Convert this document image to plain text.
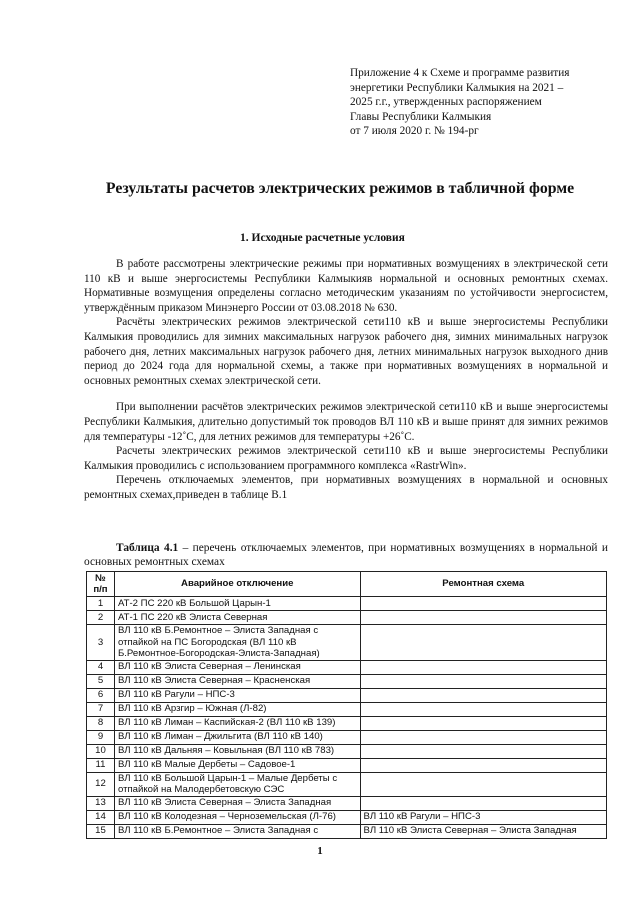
Приложение 4 к Схеме и программе развития
энергетики Республики Калмыкия на 2021 –
2025 г.г., утвержденных распоряжением
Главы Республики Калмыкия
от 7 июля 2020 г. № 194-рг
Результаты расчетов электрических режимов в табличной форме
1. Исходные расчетные условия

В работе рассмотрены электрические режимы при нормативных возмущениях в электрической сети 110 кВ и выше энергосистемы Республики Калмыкияв нормальной и основных ремонтных схемах. Нормативные возмущения определены согласно методическим указаниям по устойчивости энергосистем, утверждённым приказом Минэнерго России от 03.08.2018 № 630.

Расчёты электрических режимов электрической сети110 кВ и выше энергосистемы Республики Калмыкия проводились для зимних максимальных нагрузок рабочего дня, зимних минимальных нагрузок рабочего дня, летних максимальных нагрузок рабочего дня, летних минимальных нагрузок выходного днив период до 2024 года для нормальной схемы, а также при нормативных возмущениях в нормальной и основных ремонтных схемах электрической сети.

При выполнении расчётов электрических режимов электрической сети110 кВ и выше энергосистемы Республики Калмыкия, длительно допустимый ток проводов ВЛ 110 кВ и выше принят для зимних режимов для температуры -12˚С, для летних режимов для температуры +26˚С.

Расчеты электрических режимов электрической сети110 кВ и выше энергосистемы Республики Калмыкия проводились с использованием программного комплекса «RastrWin».

Перечень отключаемых элементов, при нормативных возмущениях в нормальной и основных ремонтных схемах,приведен в таблице В.1

Таблица 4.1 – перечень отключаемых элементов, при нормативных возмущениях в нормальной и основных ремонтных схемах
№ п/п	Аварийное отключение	Ремонтная схема
1	АТ-2 ПС 220 кВ Большой Царын-1	
2	АТ-1 ПС 220 кВ Элиста Северная	
3	ВЛ 110 кВ Б.Ремонтное – Элиста Западная с отпайкой на ПС Богородская (ВЛ 110 кВ Б.Ремонтное-Богородская-Элиста-Западная)	
4	ВЛ 110 кВ Элиста Северная – Ленинская	
5	ВЛ 110 кВ Элиста Северная – Красненская	
6	ВЛ 110 кВ Рагули – НПС-3	
7	ВЛ 110 кВ Арзгир – Южная (Л-82)	
8	ВЛ 110 кВ Лиман – Каспийская-2 (ВЛ 110 кВ 139)	
9	ВЛ 110 кВ Лиман – Джильгита (ВЛ 110 кВ 140)	
10	ВЛ 110 кВ Дальняя – Ковыльная (ВЛ 110 кВ 783)	
11	ВЛ 110 кВ Малые Дербеты – Садовое-1	
12	ВЛ 110 кВ Большой Царын-1 – Малые Дербеты с отпайкой на Малодербетовскую СЭС	
13	ВЛ 110 кВ Элиста Северная – Элиста Западная	
14	ВЛ 110 кВ Колодезная – Черноземельская (Л-76)	ВЛ 110 кВ Рагули – НПС-3
15	ВЛ 110 кВ Б.Ремонтное – Элиста Западная с	ВЛ 110 кВ Элиста Северная – Элиста Западная
1
